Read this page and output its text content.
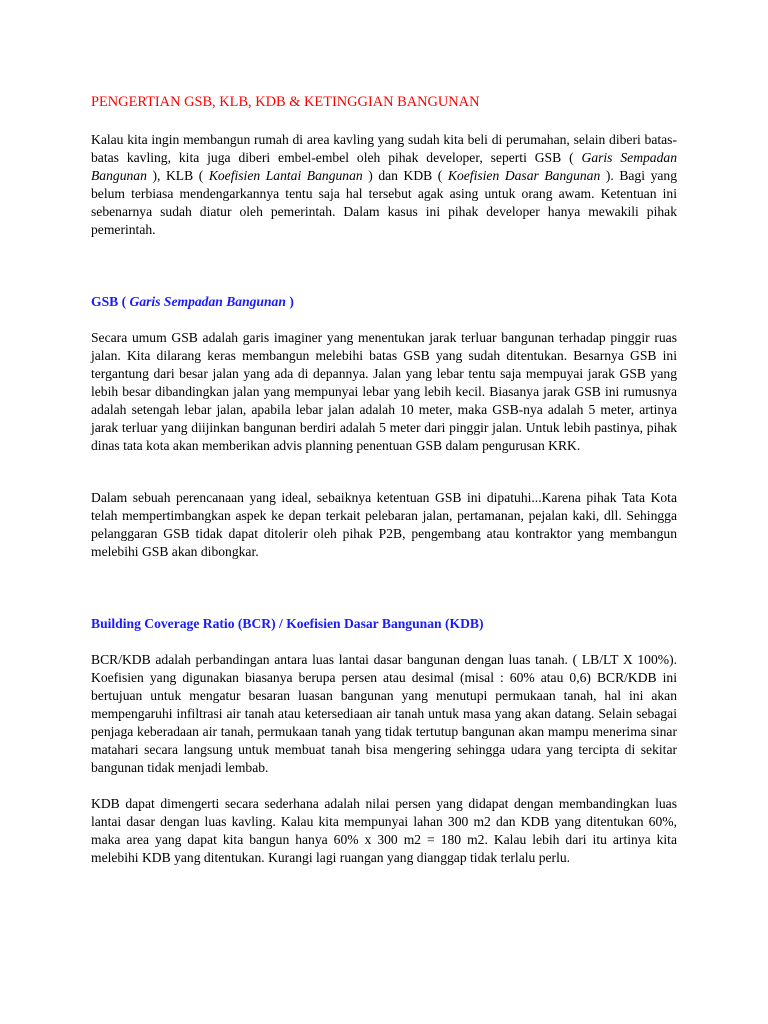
PENGERTIAN GSB, KLB, KDB & KETINGGIAN BANGUNAN

Kalau kita ingin membangun rumah di area kavling yang sudah kita beli di perumahan, selain diberi batas-batas kavling, kita juga diberi embel-embel oleh pihak developer, seperti GSB ( Garis Sempadan Bangunan ), KLB ( Koefisien Lantai Bangunan ) dan KDB ( Koefisien Dasar Bangunan ). Bagi yang belum terbiasa mendengarkannya tentu saja hal tersebut agak asing untuk orang awam. Ketentuan ini sebenarnya sudah diatur oleh pemerintah. Dalam kasus ini pihak developer hanya mewakili pihak pemerintah.

GSB ( Garis Sempadan Bangunan )

Secara umum GSB adalah garis imaginer yang menentukan jarak terluar bangunan terhadap pinggir ruas jalan. Kita dilarang keras membangun melebihi batas GSB yang sudah ditentukan. Besarnya GSB ini tergantung dari besar jalan yang ada di depannya. Jalan yang lebar tentu saja mempuyai jarak GSB yang lebih besar dibandingkan jalan yang mempunyai lebar yang lebih kecil. Biasanya jarak GSB ini rumusnya adalah setengah lebar jalan, apabila lebar jalan adalah 10 meter, maka GSB-nya adalah 5 meter, artinya jarak terluar yang diijinkan bangunan berdiri adalah 5 meter dari pinggir jalan. Untuk lebih pastinya, pihak dinas tata kota akan memberikan advis planning penentuan GSB dalam pengurusan KRK.

Dalam sebuah perencanaan yang ideal, sebaiknya ketentuan GSB ini dipatuhi...Karena pihak Tata Kota telah mempertimbangkan aspek ke depan terkait pelebaran jalan, pertamanan, pejalan kaki, dll. Sehingga pelanggaran GSB tidak dapat ditolerir oleh pihak P2B, pengembang atau kontraktor yang membangun melebihi GSB akan dibongkar.

Building Coverage Ratio (BCR) / Koefisien Dasar Bangunan (KDB)

BCR/KDB adalah perbandingan antara luas lantai dasar bangunan dengan luas tanah. ( LB/LT X 100%). Koefisien yang digunakan biasanya berupa persen atau desimal (misal : 60% atau 0,6) BCR/KDB ini bertujuan untuk mengatur besaran luasan bangunan yang menutupi permukaan tanah, hal ini akan mempengaruhi infiltrasi air tanah atau ketersediaan air tanah untuk masa yang akan datang. Selain sebagai penjaga keberadaan air tanah, permukaan tanah yang tidak tertutup bangunan akan mampu menerima sinar matahari secara langsung untuk membuat tanah bisa mengering sehingga udara yang tercipta di sekitar bangunan tidak menjadi lembab.

KDB dapat dimengerti secara sederhana adalah nilai persen yang didapat dengan membandingkan luas lantai dasar dengan luas kavling. Kalau kita mempunyai lahan 300 m2 dan KDB yang ditentukan 60%, maka area yang dapat kita bangun hanya 60% x 300 m2 = 180 m2. Kalau lebih dari itu artinya kita melebihi KDB yang ditentukan. Kurangi lagi ruangan yang dianggap tidak terlalu perlu.
